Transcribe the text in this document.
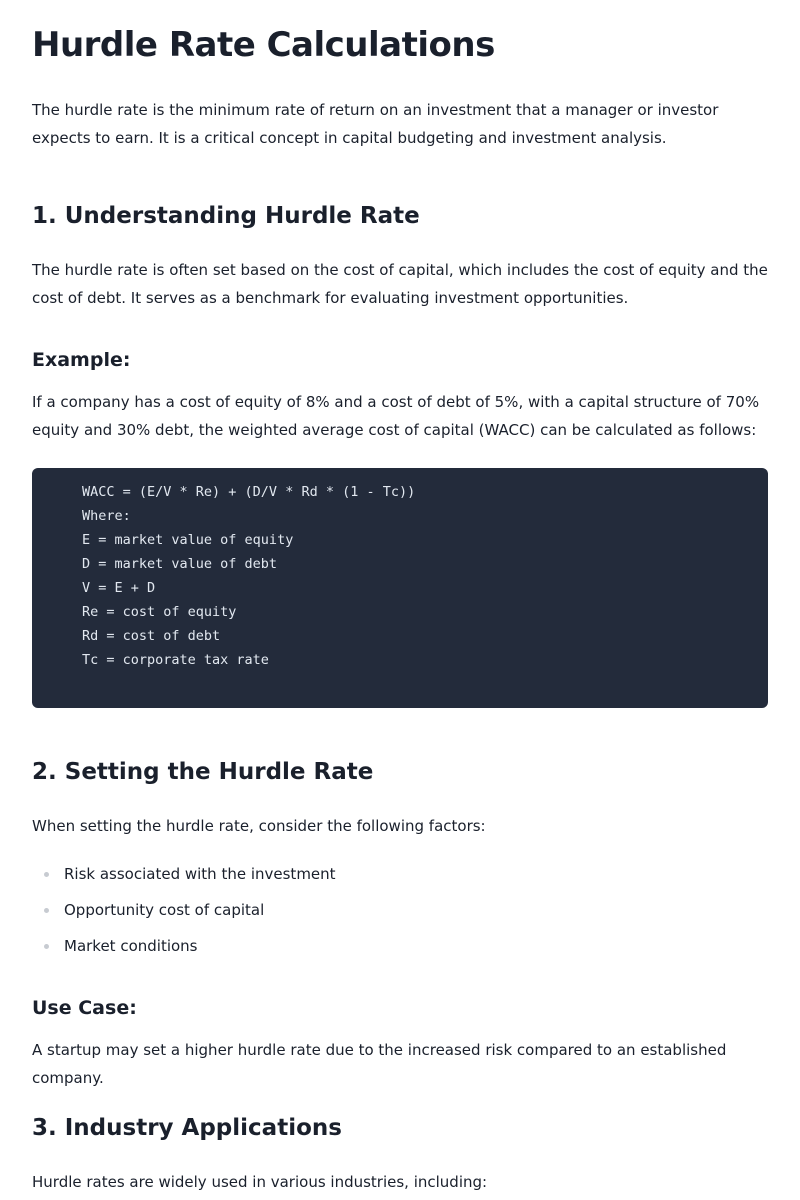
Hurdle Rate Calculations

The hurdle rate is the minimum rate of return on an investment that a manager or investor expects to earn. It is a critical concept in capital budgeting and investment analysis.

1. Understanding Hurdle Rate

The hurdle rate is often set based on the cost of capital, which includes the cost of equity and the cost of debt. It serves as a benchmark for evaluating investment opportunities.

Example:

If a company has a cost of equity of 8% and a cost of debt of 5%, with a capital structure of 70% equity and 30% debt, the weighted average cost of capital (WACC) can be calculated as follows:

WACC = (E/V * Re) + (D/V * Rd * (1 - Tc))
Where:
E = market value of equity
D = market value of debt
V = E + D
Re = cost of equity
Rd = cost of debt
Tc = corporate tax rate
2. Setting the Hurdle Rate

When setting the hurdle rate, consider the following factors:

Risk associated with the investment
Opportunity cost of capital
Market conditions
Use Case:

A startup may set a higher hurdle rate due to the increased risk compared to an established company.

3. Industry Applications

Hurdle rates are widely used in various industries, including:
